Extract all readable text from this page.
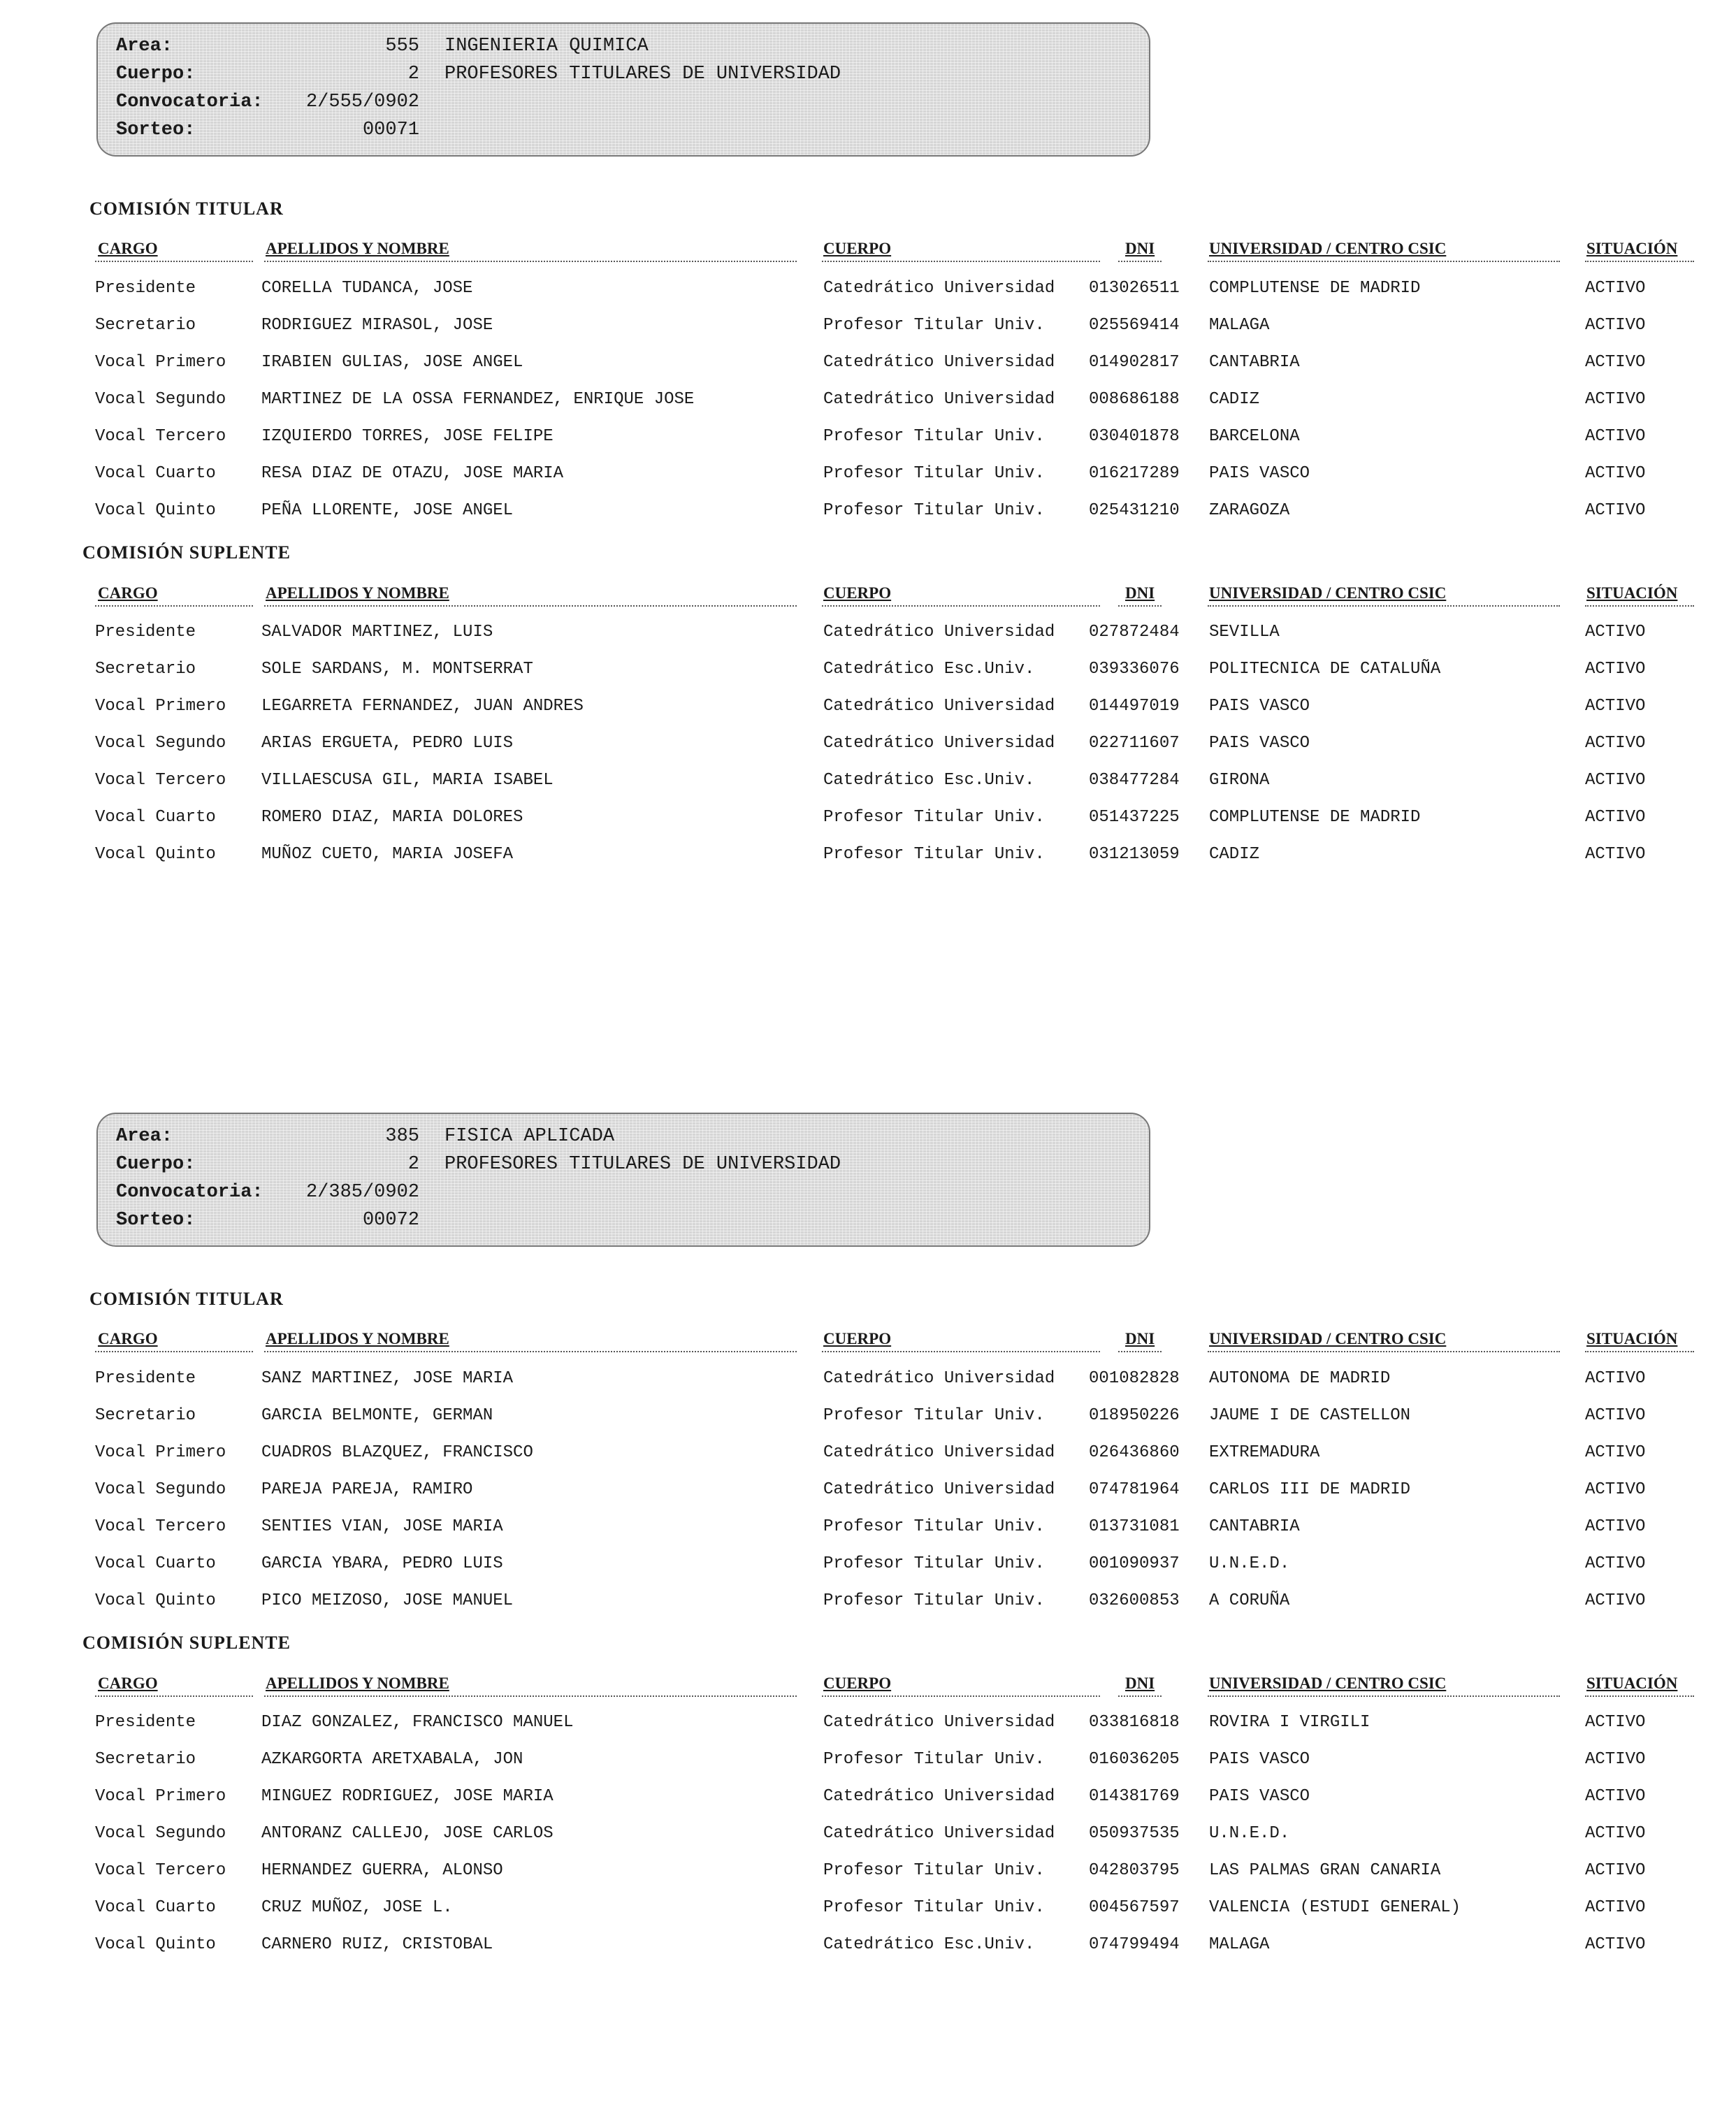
Area:	555 INGENIERIA QUIMICA
Cuerpo:	2 PROFESORES TITULARES DE UNIVERSIDAD
Convocatoria:	2/555/0902
Sorteo:	00071
COMISIÓN TITULAR
CARGO	APELLIDOS Y NOMBRE	CUERPO	DNI	UNIVERSIDAD / CENTRO CSIC	SITUACIÓN
Presidente	CORELLA TUDANCA, JOSE	Catedrático Universidad 013026511 COMPLUTENSE DE MADRID	ACTIVO
Secretario	RODRIGUEZ MIRASOL, JOSE	Profesor Titular Univ.	025569414 MALAGA	ACTIVO
Vocal Primero IRABIEN GULIAS, JOSE ANGEL	Catedrático Universidad 014902817 CANTABRIA	ACTIVO
Vocal Segundo MARTINEZ DE LA OSSA FERNANDEZ, ENRIQUE JOSE	Catedrático Universidad 008686188 CADIZ	ACTIVO
Vocal Tercero IZQUIERDO TORRES, JOSE FELIPE	Profesor Titular Univ.	030401878 BARCELONA	ACTIVO
Vocal Cuarto	RESA DIAZ DE OTAZU, JOSE MARIA	Profesor Titular Univ.	016217289 PAIS VASCO	ACTIVO
Vocal Quinto	PEÑA LLORENTE, JOSE ANGEL	Profesor Titular Univ.	025431210 ZARAGOZA	ACTIVO
COMISIÓN SUPLENTE
CARGO	APELLIDOS Y NOMBRE	CUERPO	DNI	UNIVERSIDAD / CENTRO CSIC	SITUACIÓN
Presidente	SALVADOR MARTINEZ, LUIS	Catedrático Universidad 027872484 SEVILLA	ACTIVO
Secretario	SOLE SARDANS, M. MONTSERRAT	Catedrático Esc.Univ.	039336076 POLITECNICA DE CATALUÑA	ACTIVO
Vocal Primero LEGARRETA FERNANDEZ, JUAN ANDRES	Catedrático Universidad 014497019 PAIS VASCO	ACTIVO
Vocal Segundo ARIAS ERGUETA, PEDRO LUIS	Catedrático Universidad 022711607 PAIS VASCO	ACTIVO
Vocal Tercero VILLAESCUSA GIL, MARIA ISABEL	Catedrático Esc.Univ.	038477284 GIRONA	ACTIVO
Vocal Cuarto	ROMERO DIAZ, MARIA DOLORES	Profesor Titular Univ.	051437225 COMPLUTENSE DE MADRID	ACTIVO
Vocal Quinto	MUÑOZ CUETO, MARIA JOSEFA	Profesor Titular Univ.	031213059 CADIZ	ACTIVO
Area:	385 FISICA APLICADA
Cuerpo:	2 PROFESORES TITULARES DE UNIVERSIDAD
Convocatoria:	2/385/0902
Sorteo:	00072
COMISIÓN TITULAR
CARGO	APELLIDOS Y NOMBRE	CUERPO	DNI	UNIVERSIDAD / CENTRO CSIC	SITUACIÓN
Presidente	SANZ MARTINEZ, JOSE MARIA	Catedrático Universidad 001082828 AUTONOMA DE MADRID	ACTIVO
Secretario	GARCIA BELMONTE, GERMAN	Profesor Titular Univ.	018950226 JAUME I DE CASTELLON	ACTIVO
Vocal Primero CUADROS BLAZQUEZ, FRANCISCO	Catedrático Universidad 026436860 EXTREMADURA	ACTIVO
Vocal Segundo PAREJA PAREJA, RAMIRO	Catedrático Universidad 074781964 CARLOS III DE MADRID	ACTIVO
Vocal Tercero SENTIES VIAN, JOSE MARIA	Profesor Titular Univ.	013731081 CANTABRIA	ACTIVO
Vocal Cuarto	GARCIA YBARA, PEDRO LUIS	Profesor Titular Univ.	001090937 U.N.E.D.	ACTIVO
Vocal Quinto	PICO MEIZOSO, JOSE MANUEL	Profesor Titular Univ.	032600853 A CORUÑA	ACTIVO
COMISIÓN SUPLENTE
CARGO	APELLIDOS Y NOMBRE	CUERPO	DNI	UNIVERSIDAD / CENTRO CSIC	SITUACIÓN
Presidente	DIAZ GONZALEZ, FRANCISCO MANUEL	Catedrático Universidad 033816818 ROVIRA I VIRGILI	ACTIVO
Secretario	AZKARGORTA ARETXABALA, JON	Profesor Titular Univ.	016036205 PAIS VASCO	ACTIVO
Vocal Primero MINGUEZ RODRIGUEZ, JOSE MARIA	Catedrático Universidad 014381769 PAIS VASCO	ACTIVO
Vocal Segundo ANTORANZ CALLEJO, JOSE CARLOS	Catedrático Universidad 050937535 U.N.E.D.	ACTIVO
Vocal Tercero HERNANDEZ GUERRA, ALONSO	Profesor Titular Univ.	042803795 LAS PALMAS GRAN CANARIA	ACTIVO
Vocal Cuarto	CRUZ MUÑOZ, JOSE L.	Profesor Titular Univ.	004567597 VALENCIA (ESTUDI GENERAL)	ACTIVO
Vocal Quinto	CARNERO RUIZ, CRISTOBAL	Catedrático Esc.Univ.	074799494 MALAGA	ACTIVO
